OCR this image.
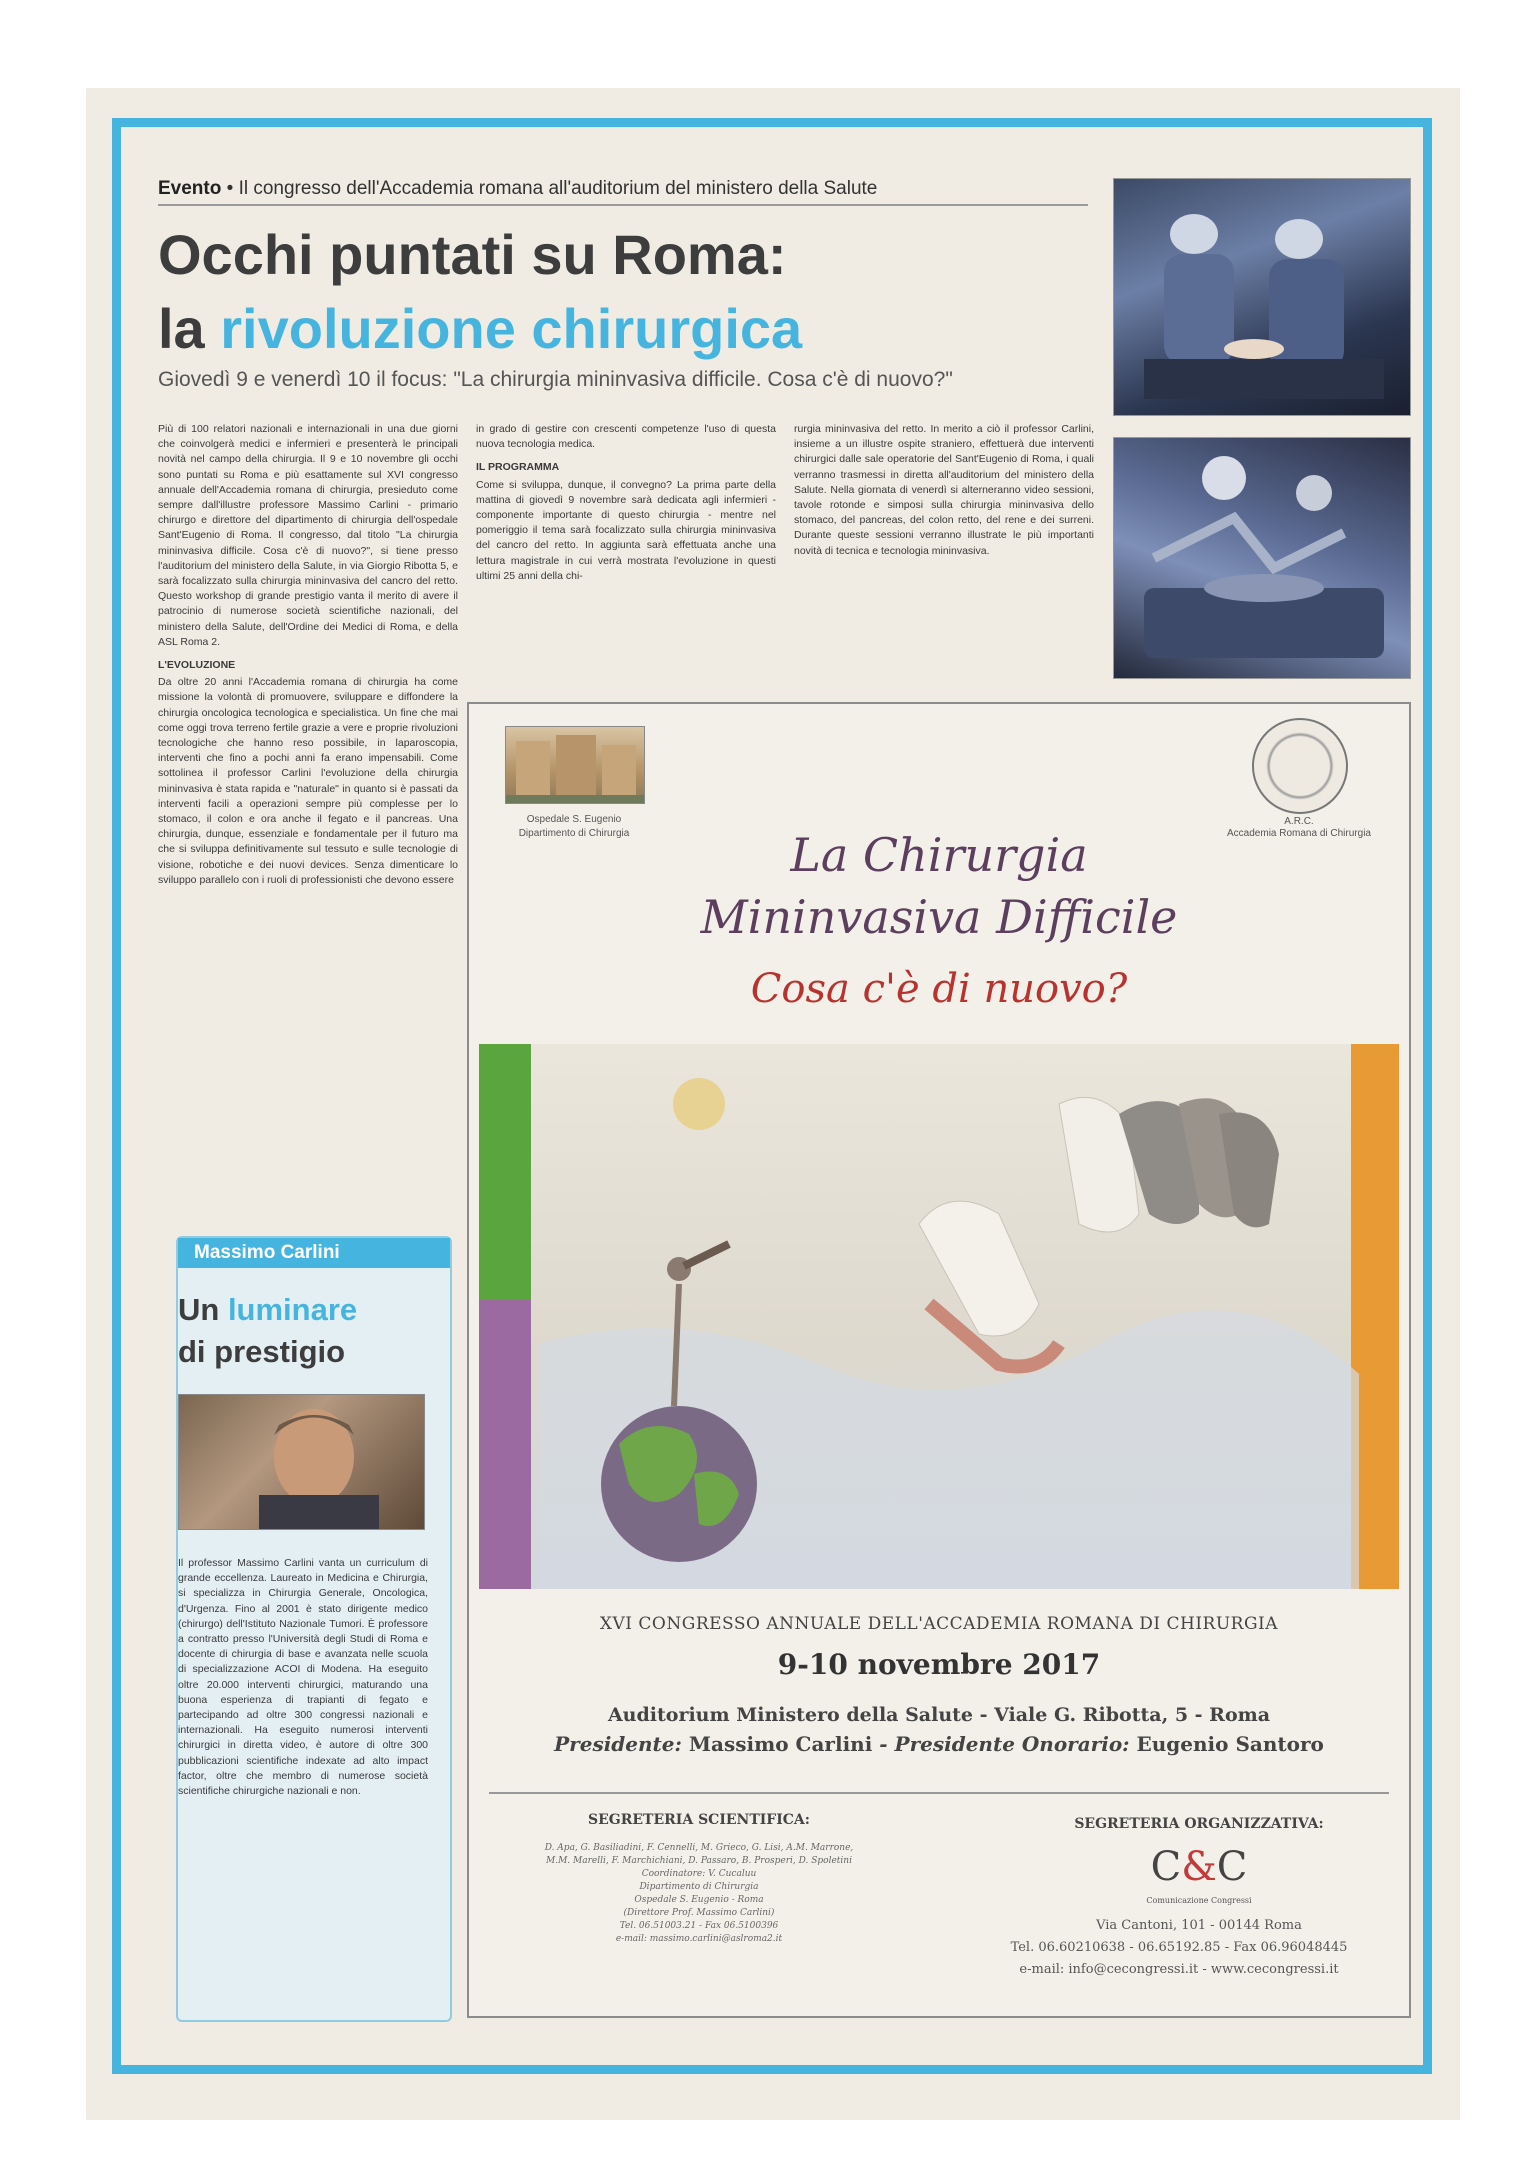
Evento • Il congresso dell'Accademia romana all'auditorium del ministero della Salute
Occhi puntati su Roma:
la rivoluzione chirurgica
Giovedì 9 e venerdì 10 il focus: "La chirurgia mininvasiva difficile. Cosa c'è di nuovo?"

Più di 100 relatori nazionali e internazionali in una due giorni che coinvolgerà medici e infermieri e presenterà le principali novità nel campo della chirurgia. Il 9 e 10 novembre gli occhi sono puntati su Roma e più esattamente sul XVI congresso annuale dell'Accademia romana di chirurgia, presieduto come sempre dall'illustre professore Massimo Carlini - primario chirurgo e direttore del dipartimento di chirurgia dell'ospedale Sant'Eugenio di Roma. Il congresso, dal titolo "La chirurgia mininvasiva difficile. Cosa c'è di nuovo?", si tiene presso l'auditorium del ministero della Salute, in via Giorgio Ribotta 5, e sarà focalizzato sulla chirurgia mininvasiva del cancro del retto. Questo workshop di grande prestigio vanta il merito di avere il patrocinio di numerose società scientifiche nazionali, del ministero della Salute, dell'Ordine dei Medici di Roma, e della ASL Roma 2.

L'EVOLUZIONE

Da oltre 20 anni l'Accademia romana di chirurgia ha come missione la volontà di promuovere, sviluppare e diffondere la chirurgia oncologica tecnologica e specialistica. Un fine che mai come oggi trova terreno fertile grazie a vere e proprie rivoluzioni tecnologiche che hanno reso possibile, in laparoscopia, interventi che fino a pochi anni fa erano impensabili. Come sottolinea il professor Carlini l'evoluzione della chirurgia mininvasiva è stata rapida e "naturale" in quanto si è passati da interventi facili a operazioni sempre più complesse per lo stomaco, il colon e ora anche il fegato e il pancreas. Una chirurgia, dunque, essenziale e fondamentale per il futuro ma che si sviluppa definitivamente sul tessuto e sulle tecnologie di visione, robotiche e dei nuovi devices. Senza dimenticare lo sviluppo parallelo con i ruoli di professionisti che devono essere

in grado di gestire con crescenti competenze l'uso di questa nuova tecnologia medica.

IL PROGRAMMA

Come si sviluppa, dunque, il convegno? La prima parte della mattina di giovedì 9 novembre sarà dedicata agli infermieri - componente importante di questo chirurgia - mentre nel pomeriggio il tema sarà focalizzato sulla chirurgia mininvasiva del cancro del retto. In aggiunta sarà effettuata anche una lettura magistrale in cui verrà mostrata l'evoluzione in questi ultimi 25 anni della chi-

rurgia mininvasiva del retto. In merito a ciò il professor Carlini, insieme a un illustre ospite straniero, effettuerà due interventi chirurgici dalle sale operatorie del Sant'Eugenio di Roma, i quali verranno trasmessi in diretta all'auditorium del ministero della Salute. Nella giornata di venerdì si alterneranno video sessioni, tavole rotonde e simposi sulla chirurgia mininvasiva dello stomaco, del pancreas, del colon retto, del rene e dei surreni. Durante queste sessioni verranno illustrate le più importanti novità di tecnica e tecnologia mininvasiva.

Massimo Carlini
Un luminare
di prestigio
Il professor Massimo Carlini vanta un curriculum di grande eccellenza. Laureato in Medicina e Chirurgia, si specializza in Chirurgia Generale, Oncologica, d'Urgenza. Fino al 2001 è stato dirigente medico (chirurgo) dell'Istituto Nazionale Tumori. È professore a contratto presso l'Università degli Studi di Roma e docente di chirurgia di base e avanzata nelle scuola di specializzazione ACOI di Modena. Ha eseguito oltre 20.000 interventi chirurgici, maturando una buona esperienza di trapianti di fegato e partecipando ad oltre 300 congressi nazionali e internazionali. Ha eseguito numerosi interventi chirurgici in diretta video, è autore di oltre 300 pubblicazioni scientifiche indexate ad alto impact factor, oltre che membro di numerose società scientifiche chirurgiche nazionali e non.
Ospedale S. Eugenio
Dipartimento di Chirurgia
A.R.C.
Accademia Romana di Chirurgia
La Chirurgia
Mininvasiva Difficile
Cosa c'è di nuovo?
XVI CONGRESSO ANNUALE DELL'ACCADEMIA ROMANA DI CHIRURGIA
9-10 novembre 2017
Auditorium Ministero della Salute - Viale G. Ribotta, 5 - Roma
Presidente: Massimo Carlini - Presidente Onorario: Eugenio Santoro
SEGRETERIA SCIENTIFICA:
D. Apa, G. Basiliadini, F. Cennelli, M. Grieco, G. Lisi, A.M. Marrone,
M.M. Marelli, F. Marchichiani, D. Passaro, B. Prosperi, D. Spoletini
Coordinatore: V. Cucaluu
Dipartimento di Chirurgia
Ospedale S. Eugenio - Roma
(Direttore Prof. Massimo Carlini)
Tel. 06.51003.21 - Fax 06.5100396
e-mail: massimo.carlini@aslroma2.it
SEGRETERIA ORGANIZZATIVA:
C&C
Comunicazione Congressi
Via Cantoni, 101 - 00144 Roma
Tel. 06.60210638 - 06.65192.85 - Fax 06.96048445
e-mail: info@cecongressi.it - www.cecongressi.it
